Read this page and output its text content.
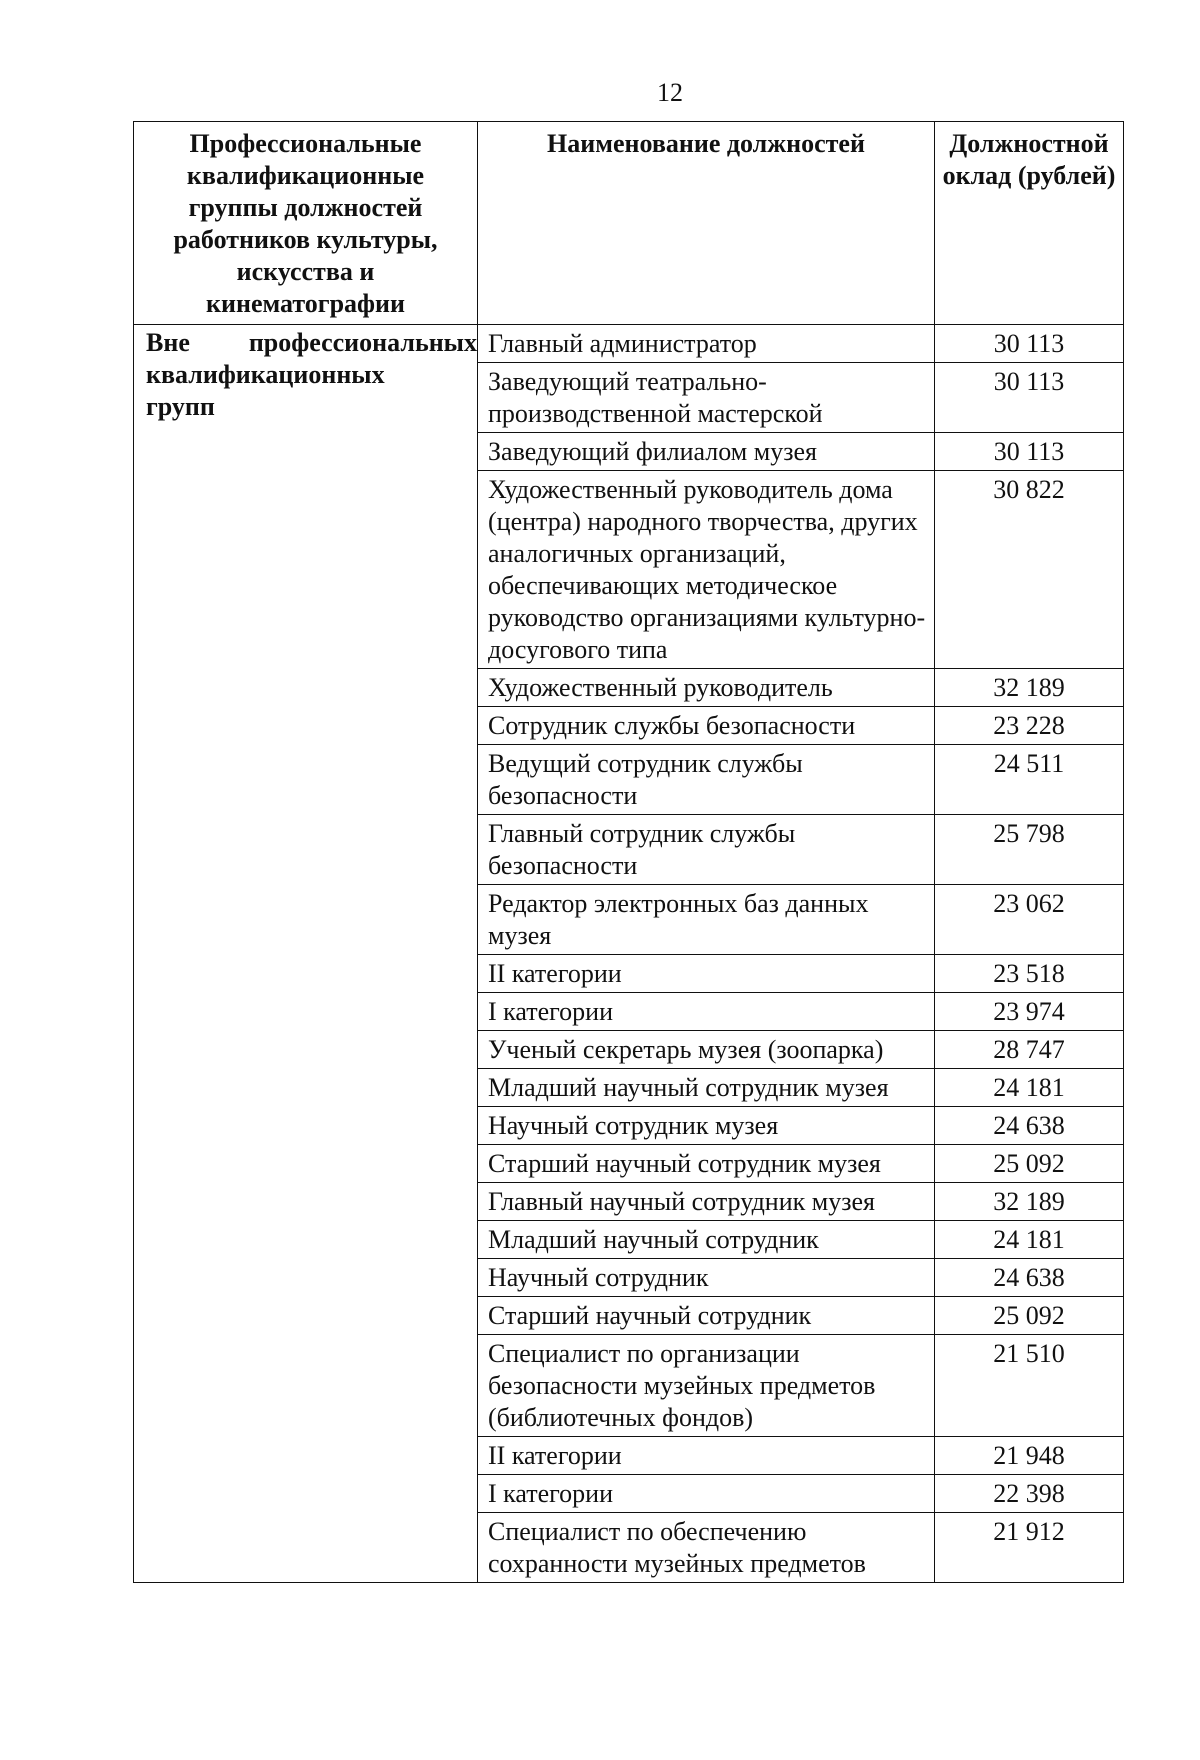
12
Профессиональные квалификационные группы должностей работников культуры, искусства и кинематографии	Наименование должностей	Должностной оклад (рублей)

Вне профессиональных
квалификационных групп	Главный администратор	30 113
	Заведующий театрально-производственной мастерской	30 113
	Заведующий филиалом музея	30 113
	Художественный руководитель дома (центра) народного творчества, других аналогичных организаций, обеспечивающих методическое руководство организациями культурно-досугового типа	30 822
	Художественный руководитель	32 189
	Сотрудник службы безопасности	23 228
	Ведущий сотрудник службы безопасности	24 511
	Главный сотрудник службы безопасности	25 798
	Редактор электронных баз данных музея	23 062
	II категории	23 518
	I категории	23 974
	Ученый секретарь музея (зоопарка)	28 747
	Младший научный сотрудник музея	24 181
	Научный сотрудник музея	24 638
	Старший научный сотрудник музея	25 092
	Главный научный сотрудник музея	32 189
	Младший научный сотрудник	24 181
	Научный сотрудник	24 638
	Старший научный сотрудник	25 092
	Специалист по организации безопасности музейных предметов (библиотечных фондов)	21 510
	II категории	21 948
	I категории	22 398
	Специалист по обеспечению сохранности музейных предметов	21 912
